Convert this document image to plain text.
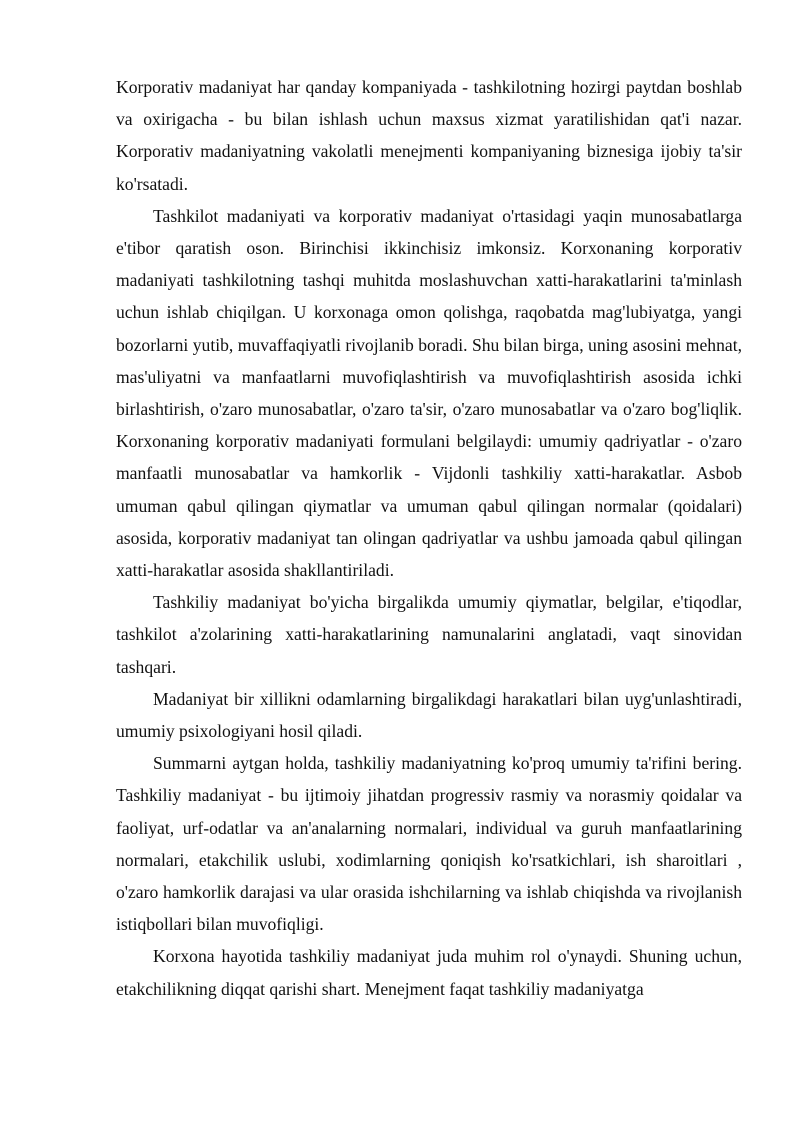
Korporativ madaniyat har qanday kompaniyada - tashkilotning hozirgi paytdan boshlab va oxirigacha - bu bilan ishlash uchun maxsus xizmat yaratilishidan qat'i nazar. Korporativ madaniyatning vakolatli menejmenti kompaniyaning biznesiga ijobiy ta'sir ko'rsatadi.

Tashkilot madaniyati va korporativ madaniyat o'rtasidagi yaqin munosabatlarga e'tibor qaratish oson. Birinchisi ikkinchisiz imkonsiz. Korxonaning korporativ madaniyati tashkilotning tashqi muhitda moslashuvchan xatti-harakatlarini ta'minlash uchun ishlab chiqilgan. U korxonaga omon qolishga, raqobatda mag'lubiyatga, yangi bozorlarni yutib, muvaffaqiyatli rivojlanib boradi. Shu bilan birga, uning asosini mehnat, mas'uliyatni va manfaatlarni muvofiqlashtirish va muvofiqlashtirish asosida ichki birlashtirish, o'zaro munosabatlar, o'zaro ta'sir, o'zaro munosabatlar va o'zaro bog'liqlik. Korxonaning korporativ madaniyati formulani belgilaydi: umumiy qadriyatlar - o'zaro manfaatli munosabatlar va hamkorlik - Vijdonli tashkiliy xatti-harakatlar. Asbob umuman qabul qilingan qiymatlar va umuman qabul qilingan normalar (qoidalari) asosida, korporativ madaniyat tan olingan qadriyatlar va ushbu jamoada qabul qilingan xatti-harakatlar asosida shakllantiriladi.

Tashkiliy madaniyat bo'yicha birgalikda umumiy qiymatlar, belgilar, e'tiqodlar, tashkilot a'zolarining xatti-harakatlarining namunalarini anglatadi, vaqt sinovidan tashqari.

Madaniyat bir xillikni odamlarning birgalikdagi harakatlari bilan uyg'unlashtiradi, umumiy psixologiyani hosil qiladi.

Summarni aytgan holda, tashkiliy madaniyatning ko'proq umumiy ta'rifini bering. Tashkiliy madaniyat - bu ijtimoiy jihatdan progressiv rasmiy va norasmiy qoidalar va faoliyat, urf-odatlar va an'analarning normalari, individual va guruh manfaatlarining normalari, etakchilik uslubi, xodimlarning qoniqish ko'rsatkichlari, ish sharoitlari , o'zaro hamkorlik darajasi va ular orasida ishchilarning va ishlab chiqishda va rivojlanish istiqbollari bilan muvofiqligi.

Korxona hayotida tashkiliy madaniyat juda muhim rol o'ynaydi. Shuning uchun, etakchilikning diqqat qarishi shart. Menejment faqat tashkiliy madaniyatga
